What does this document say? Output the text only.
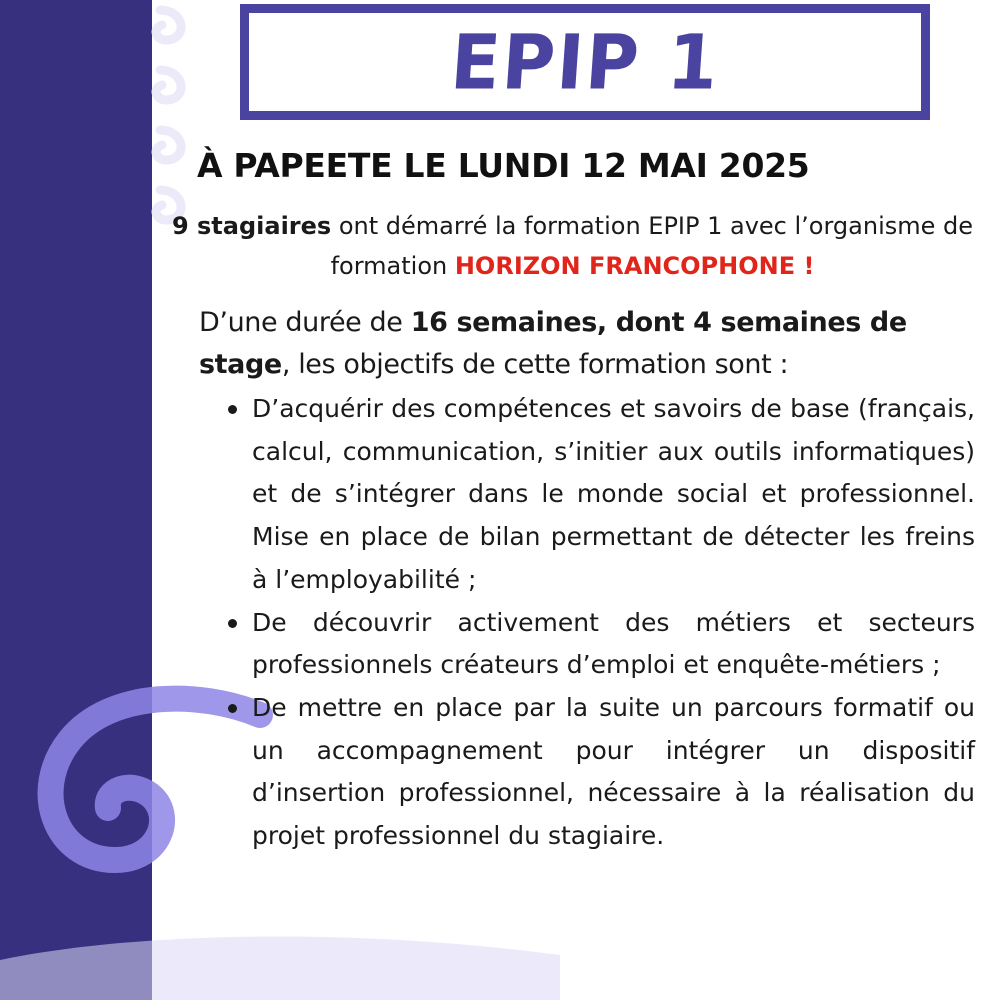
EPIP 1
À PAPEETE LE LUNDI 12 MAI 2025

9 stagiaires ont démarré la formation EPIP 1 avec l’organisme de formation HORIZON FRANCOPHONE !

D’une durée de 16 semaines, dont 4 semaines de stage, les objectifs de cette formation sont :

D’acquérir des compétences et savoirs de base (français, calcul, communication, s’initier aux outils informatiques) et de s’intégrer dans le monde social et professionnel. Mise en place de bilan permettant de détecter les freins à l’employabilité ;
De découvrir activement des métiers et secteurs professionnels créateurs d’emploi et enquête-métiers ;
De mettre en place par la suite un parcours formatif ou un accompagnement pour intégrer un dispositif d’insertion professionnel, nécessaire à la réalisation du projet professionnel du stagiaire.
